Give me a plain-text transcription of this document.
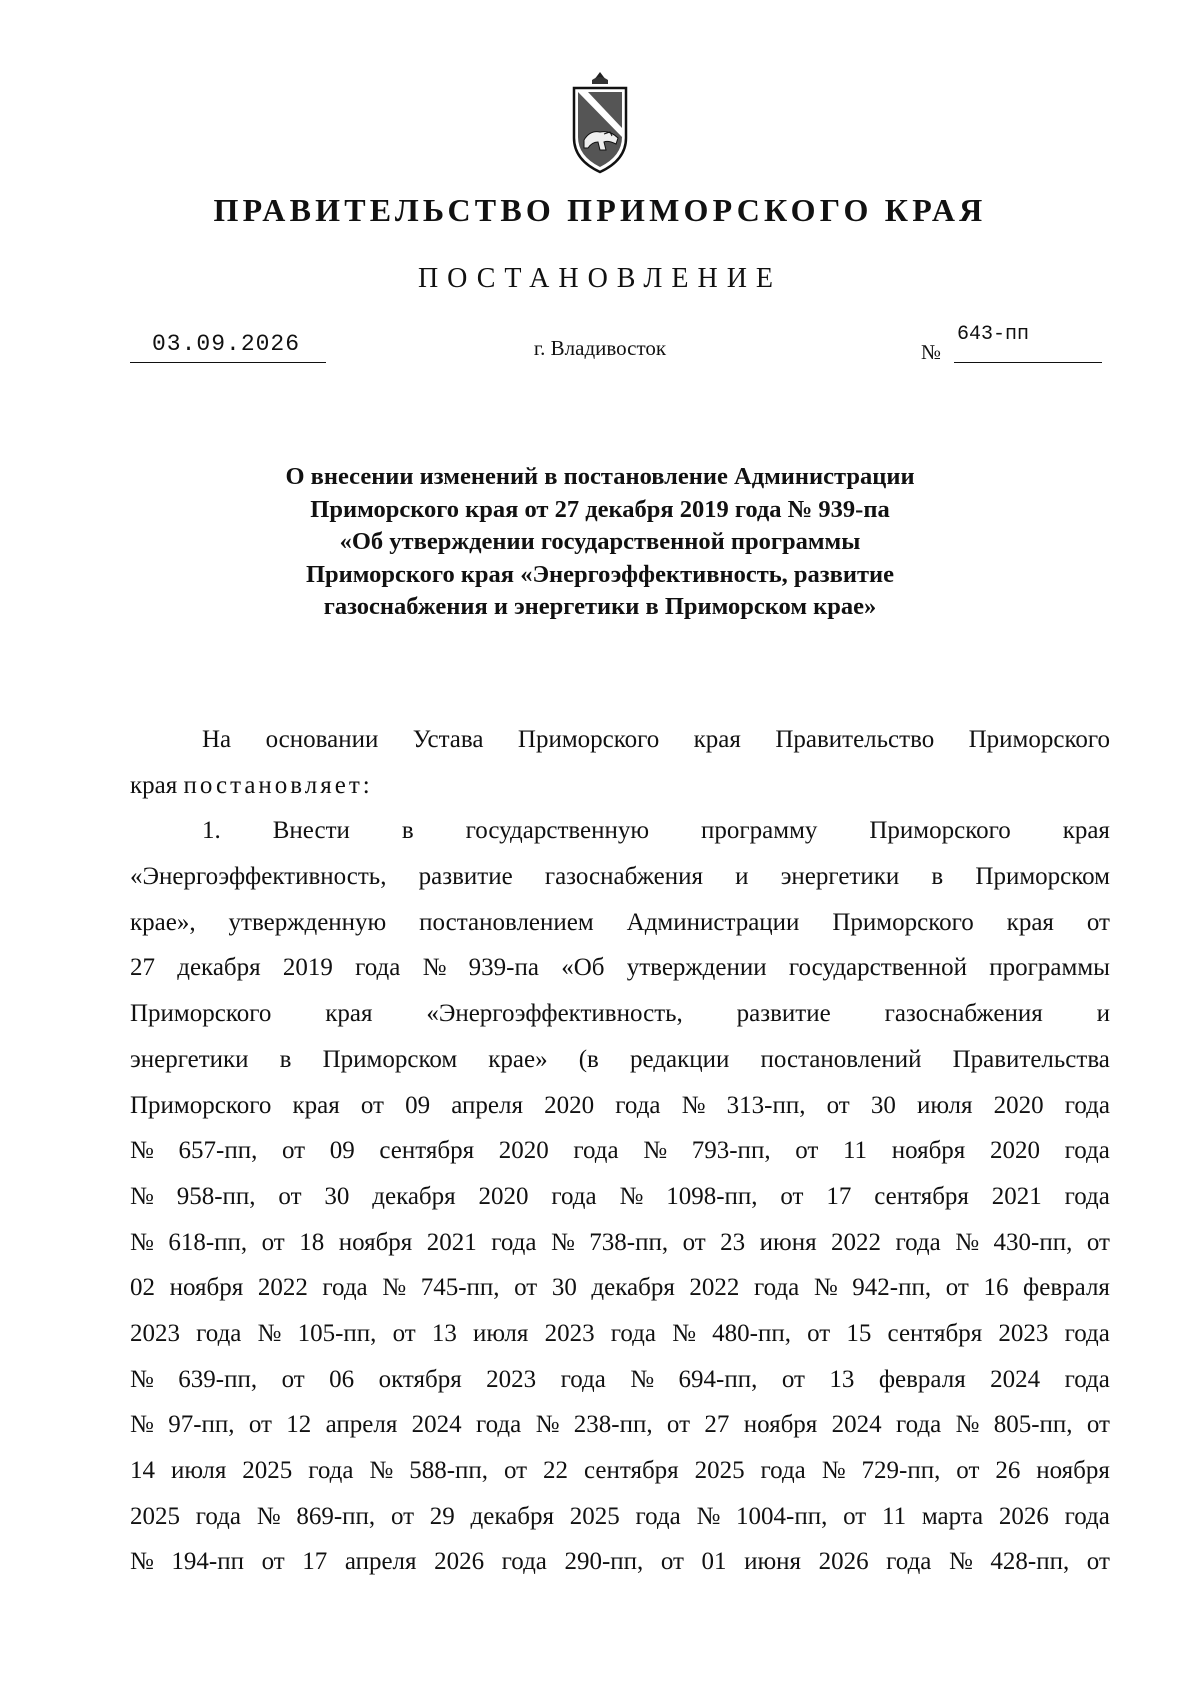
ПРАВИТЕЛЬСТВО ПРИМОРСКОГО КРАЯ
ПОСТАНОВЛЕНИЕ
03.09.2026	г. Владивосток	№
643-пп
О внесении изменений в постановление Администрации
Приморского края от 27 декабря 2019 года № 939-па
«Об утверждении государственной программы
Приморского края «Энергоэффективность, развитие
газоснабжения и энергетики в Приморском крае»
На основании Устава Приморского края Правительство Приморского
края
постановляет:
1. Внести в государственную программу Приморского края
«Энергоэффективность, развитие газоснабжения и энергетики в Приморском
крае», утвержденную постановлением Администрации Приморского края от
27 декабря 2019 года № 939-па «Об утверждении государственной программы
Приморского края «Энергоэффективность, развитие газоснабжения и
энергетики в Приморском крае» (в редакции постановлений Правительства
Приморского края от 09 апреля 2020 года № 313-пп, от 30 июля 2020 года
№ 657-пп, от 09 сентября 2020 года № 793-пп, от 11 ноября 2020 года
№ 958-пп, от 30 декабря 2020 года № 1098-пп, от 17 сентября 2021 года
№ 618-пп, от 18 ноября 2021 года № 738-пп, от 23 июня 2022 года № 430-пп, от
02 ноября 2022 года № 745-пп, от 30 декабря 2022 года № 942-пп, от 16 февраля
2023 года № 105-пп, от 13 июля 2023 года № 480-пп, от 15 сентября 2023 года
№ 639-пп, от 06 октября 2023 года № 694-пп, от 13 февраля 2024 года
№ 97-пп, от 12 апреля 2024 года № 238-пп, от 27 ноября 2024 года № 805-пп, от
14 июля 2025 года № 588-пп, от 22 сентября 2025 года № 729-пп, от 26 ноября
2025 года № 869-пп, от 29 декабря 2025 года № 1004-пп, от 11 марта 2026 года
№ 194-пп от 17 апреля 2026 года 290-пп, от 01 июня 2026 года № 428-пп, от
